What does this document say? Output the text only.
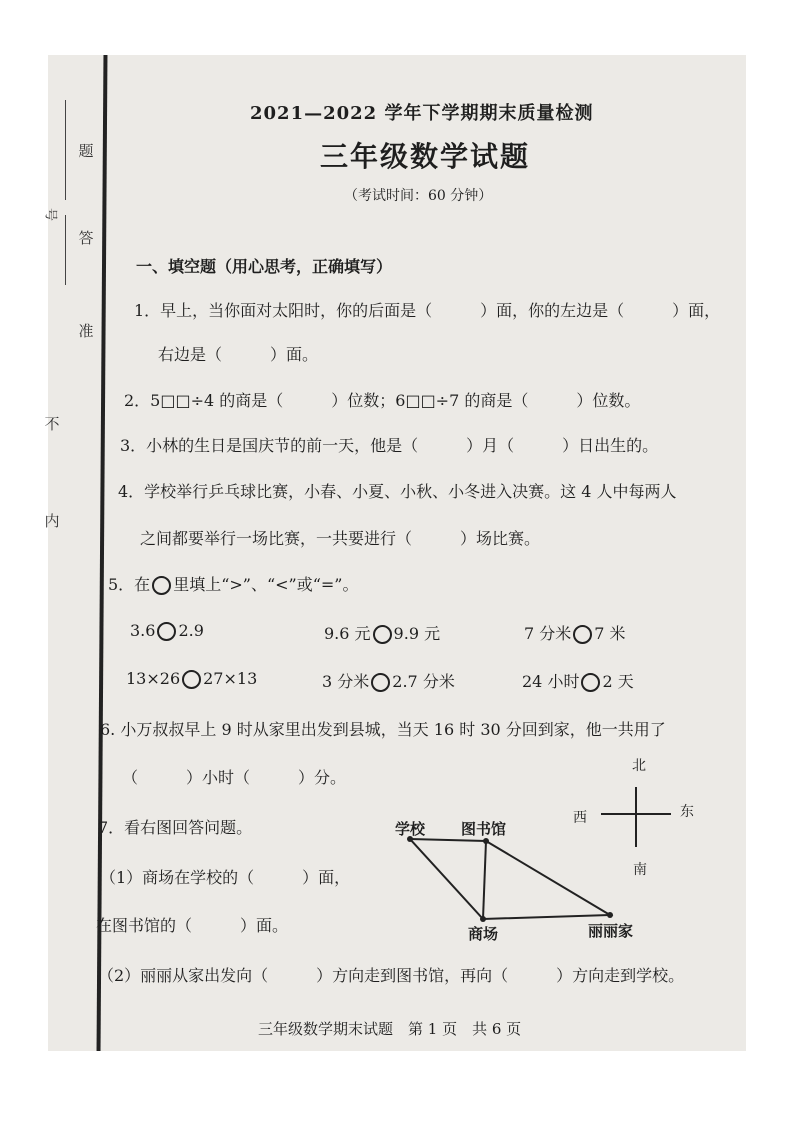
号
题
答
准
不
内
2021—2022 学年下学期期末质量检测
三年级数学试题
（考试时间：60 分钟）
一、填空题（用心思考，正确填写）
1．早上，当你面对太阳时，你的后面是（　　　）面，你的左边是（　　　）面，
右边是（　　　）面。
2．5□□÷4 的商是（　　　）位数；6□□÷7 的商是（　　　）位数。
3．小林的生日是国庆节的前一天，他是（　　　）月（　　　）日出生的。
4．学校举行乒乓球比赛，小春、小夏、小秋、小冬进入决赛。这 4 人中每两人
之间都要举行一场比赛，一共要进行（　　　）场比赛。
5．在 里填上“>”、“<”或“=”。
3.6 2.9	9.6 元 9.9 元	7 分米 7 米
13×26 27×13	3 分米 2.7 分米	24 小时 2 天
6. 小万叔叔早上 9 时从家里出发到县城，当天 16 时 30 分回到家，他一共用了
（　　　）小时（　　　）分。
7．看右图回答问题。
（1）商场在学校的（　　　）面，
在图书馆的（　　　）面。
（2）丽丽从家出发向（　　　）方向走到图书馆，再向（　　　）方向走到学校。
学校 图书馆
商场	丽丽家
北
南
西	东
三年级数学期末试题　第 1 页　共 6 页
